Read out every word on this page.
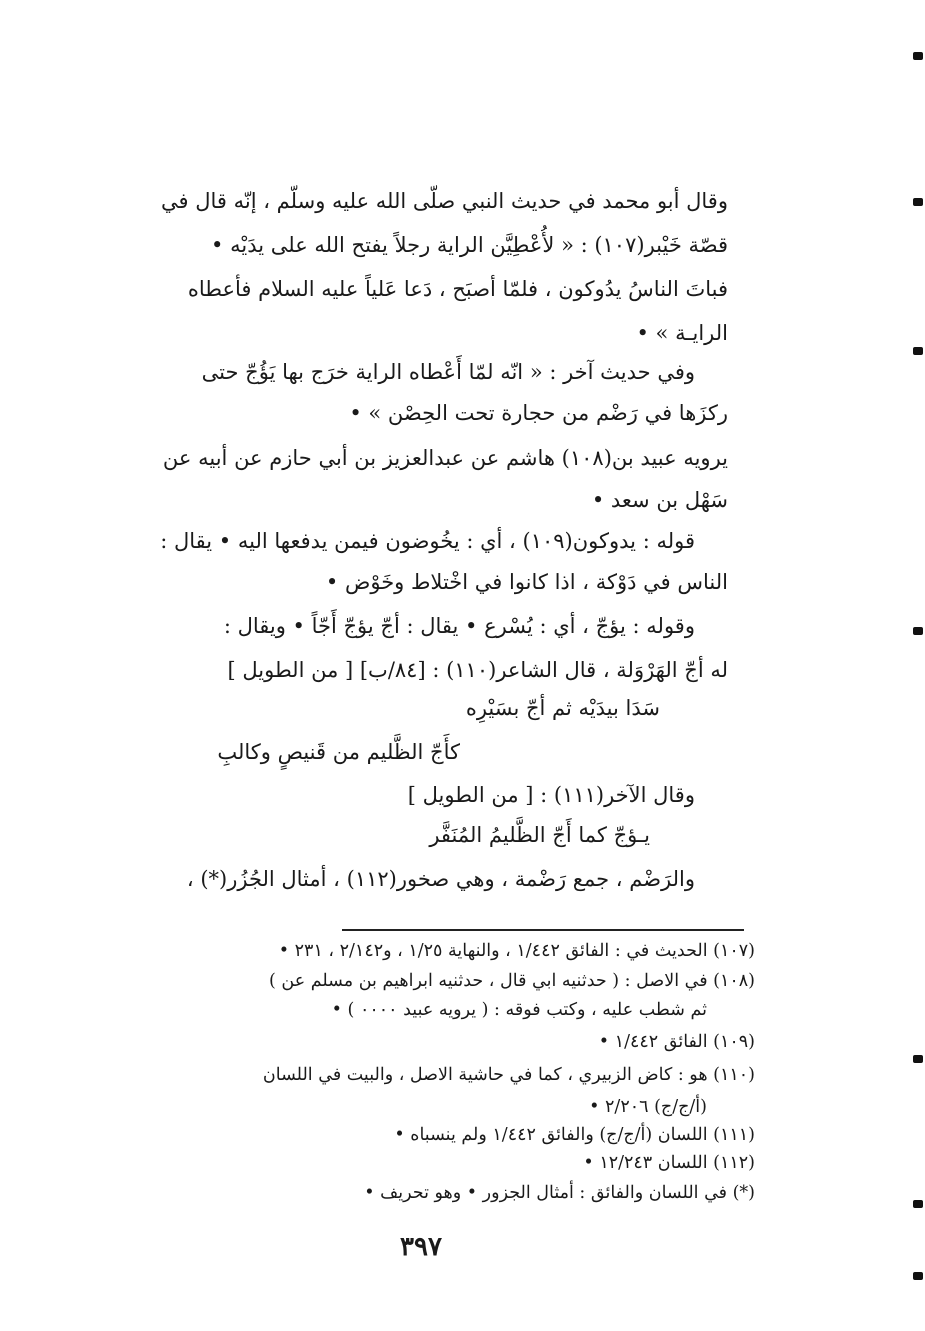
وقال أبو محمد في حديث النبي صلّى الله عليه وسلّم ، إنّه قال في
قصّة خَيْبر(١٠٧) : « لأُعْطِيَّن الراية رجلاً يفتح الله على يدَيْه •
فباتَ الناسُ يدُوكون ، فلمّا أصبَح ، دَعا عَلياً عليه السلام فأعطاه
الرايـة » •
وفي حديث آخر : « انّه لمّا أَعْطاه الراية خرَج بها يَؤُجّ حتى
ركزَها في رَضْم من حجارة تحت الحِصْن » •
يرويه عبيد بن(١٠٨) هاشم عن عبدالعزيز بن أبي حازم عن أبيه عن
سَهْل بن سعد •
قوله : يدوكون(١٠٩) ، أي : يخُوضون فيمن يدفعها اليه • يقال :
الناس في دَوْكة ، اذا كانوا في اخْتلاط وخَوْض •
وقوله : يؤجّ ، أي : يُسْرع • يقال : أجّ يؤجّ أَجّاً • ويقال :
له أجّ الهَرْوَلة ، قال الشاعر(١١٠) : [٨٤/ب] [ من الطويل ]
سَدَا بيدَيْه ثم أجّ بسَيْرِه
كأَجّ الظَّليم من قَنيصٍ وكالبِ
وقال الآخر(١١١) : [ من الطويل ]
يـؤجّ كما أَجّ الظَّليمُ المُنَفَّر
والرَضْم ، جمع رَضْمة ، وهي صخور(١١٢) ، أمثال الجُزُر(*) ،
(١٠٧) الحديث في : الفائق ١/٤٤٢ ، والنهاية ١/٢٥ ، و٢/١٤٢ ، ٢٣١ •
(١٠٨) في الاصل : ( حدثنيه ابي قال ، حدثنيه ابراهيم بن مسلم عن )
ثم شطب عليه ، وكتب فوقه : ( يرويه عبيد ٠٠٠٠ ) •
(١٠٩) الفائق ١/٤٤٢ •
(١١٠) هو : كاض الزبيري ، كما في حاشية الاصل ، والبيت في اللسان
(أ/ج/ج) ٢/٢٠٦ •
(١١١) اللسان (أ/ج/ج) والفائق ١/٤٤٢ ولم ينسباه •
(١١٢) اللسان ١٢/٢٤٣ •
(*) في اللسان والفائق : أمثال الجزور • وهو تحريف •
٣٩٧
